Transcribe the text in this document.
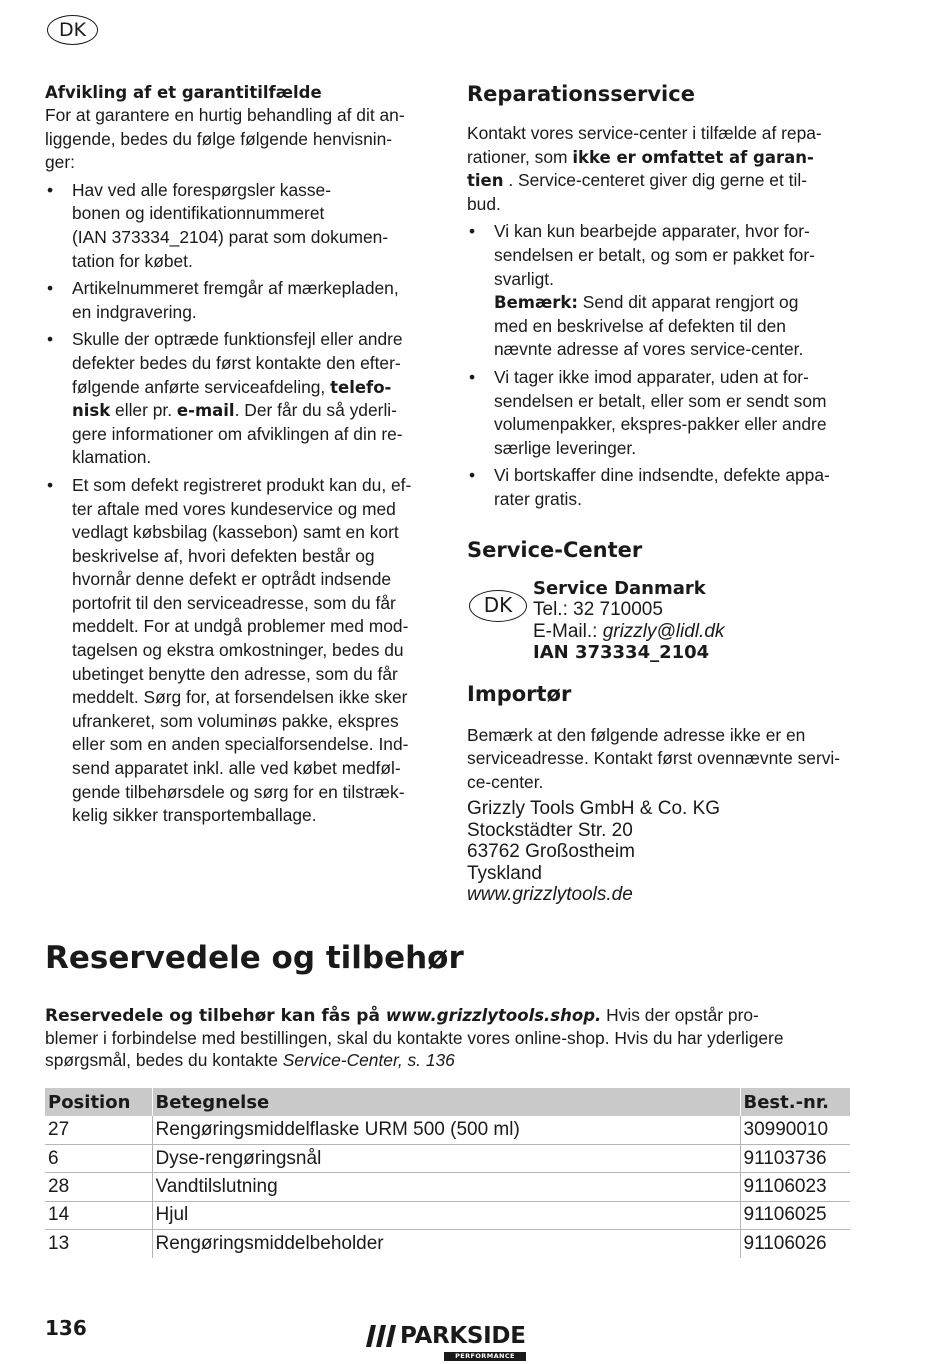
DK
Afvikling af et garantitilfælde
For at garantere en hurtig behandling af dit an-
liggende, bedes du følge følgende henvisnin-
ger:
• Hav ved alle forespørgsler kasse-
bonen og identifikationnummeret
(IAN 373334_2104) parat som dokumen-
tation for købet.
• Artikelnummeret fremgår af mærkepladen,
en indgravering.
• Skulle der optræde funktionsfejl eller andre
defekter bedes du først kontakte den efter-
følgende anførte serviceafdeling, telefo-
nisk eller pr. e-mail. Der får du så yderli-
gere informationer om afviklingen af din re-
klamation.
• Et som defekt registreret produkt kan du, ef-
ter aftale med vores kundeservice og med
vedlagt købsbilag (kassebon) samt en kort
beskrivelse af, hvori defekten består og
hvornår denne defekt er optrådt indsende
portofrit til den serviceadresse, som du får
meddelt. For at undgå problemer med mod-
tagelsen og ekstra omkostninger, bedes du
ubetinget benytte den adresse, som du får
meddelt. Sørg for, at forsendelsen ikke sker
ufrankeret, som voluminøs pakke, ekspres
eller som en anden specialforsendelse. Ind-
send apparatet inkl. alle ved købet medføl-
gende tilbehørsdele og sørg for en tilstræk-
kelig sikker transportemballage.
Reparationsservice
Kontakt vores service-center i tilfælde af repa-
rationer, som ikke er omfattet af garan-
tien . Service-centeret giver dig gerne et til-
bud.
• Vi kan kun bearbejde apparater, hvor for-
sendelsen er betalt, og som er pakket for-
svarligt.
Bemærk: Send dit apparat rengjort og
med en beskrivelse af defekten til den
nævnte adresse af vores service-center.
• Vi tager ikke imod apparater, uden at for-
sendelsen er betalt, eller som er sendt som
volumenpakker, ekspres-pakker eller andre
særlige leveringer.
• Vi bortskaffer dine indsendte, defekte appa-
rater gratis.
Service-Center
DK
Service Danmark
Tel.: 32 710005
E-Mail.: grizzly@lidl.dk
IAN 373334_2104
Importør
Bemærk at den følgende adresse ikke er en
serviceadresse. Kontakt først ovennævnte servi-
ce-center.
Grizzly Tools GmbH & Co. KG
Stockstädter Str. 20
63762 Großostheim
Tyskland
www.grizzlytools.de
Reservedele og tilbehør
Reservedele og tilbehør kan fås på www.grizzlytools.shop. Hvis der opstår pro-
blemer i forbindelse med bestillingen, skal du kontakte vores online-shop. Hvis du har yderligere
spørgsmål, bedes du kontakte Service-Center, s. 136
Position	Betegnelse	Best.-nr.
27	Rengøringsmiddelflaske URM 500 (500 ml)	30990010
6	Dyse-rengøringsnål	91103736
28	Vandtilslutning	91106023
14	Hjul	91106025
13	Rengøringsmiddelbeholder	91106026
136	PARKSIDE
PERFORMANCE
